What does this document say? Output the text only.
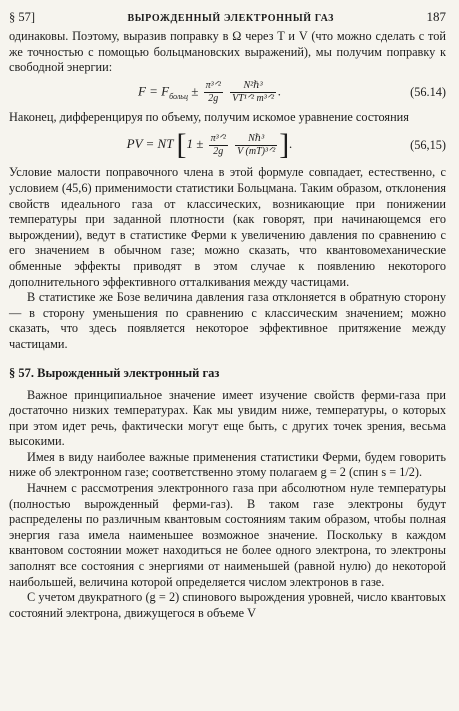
§ 57]	ВЫРОЖДЕННЫЙ ЭЛЕКТРОННЫЙ ГАЗ	187

одинаковы. Поэтому, выразив поправку в Ω через T и V (что можно сделать с той же точностью с помощью больцмановских выражений), мы получим поправку к свободной энергии:

$F = F_{больц} \pm \frac{\text{π³ᐟ²}}{2g}$
$\frac{\text{N²ℏ³}}{\text{VT¹ᐟ² m³ᐟ²}}$ .	(56.14)

Наконец, дифференцируя по объему, получим искомое уравнение состояния

PV = NT [$1 \pm \frac{\text{π³ᐟ²}}{2g}$
$\frac{\text{Nℏ³}}{\text{V (mT)³ᐟ²}}$ ].	(56,15)

Условие малости поправочного члена в этой формуле совпадает, естественно, с условием (45,6) применимости статистики Больцмана. Таким образом, отклонения свойств идеального газа от классических, возникающие при понижении температуры при заданной плотности (как говорят, при начинающемся его вырождении), ведут в статистике Ферми к увеличению давления по сравнению с его значением в обычном газе; можно сказать, что квантовомеханические обменные эффекты приводят в этом случае к появлению некоторого дополнительного эффективного отталкивания между частицами.

В статистике же Бозе величина давления газа отклоняется в обратную сторону — в сторону уменьшения по сравнению с классическим значением; можно сказать, что здесь появляется некоторое эффективное притяжение между частицами.

§ 57. Вырожденный электронный газ

Важное принципиальное значение имеет изучение свойств ферми-газа при достаточно низких температурах. Как мы увидим ниже, температуры, о которых при этом идет речь, фактически могут еще быть, с других точек зрения, весьма высокими.

Имея в виду наиболее важные применения статистики Ферми, будем говорить ниже об электронном газе; соответственно этому полагаем g = 2 (спин s = 1/2).

Начнем с рассмотрения электронного газа при абсолютном нуле температуры (полностью вырожденный ферми-газ). В таком газе электроны будут распределены по различным квантовым состояниям таким образом, чтобы полная энергия газа имела наименьшее возможное значение. Поскольку в каждом квантовом состоянии может находиться не более одного электрона, то электроны заполнят все состояния с энергиями от наименьшей (равной нулю) до некоторой наибольшей, величина которой определяется числом электронов в газе.

С учетом двукратного (g = 2) спинового вырождения уровней, число квантовых состояний электрона, движущегося в объеме V
